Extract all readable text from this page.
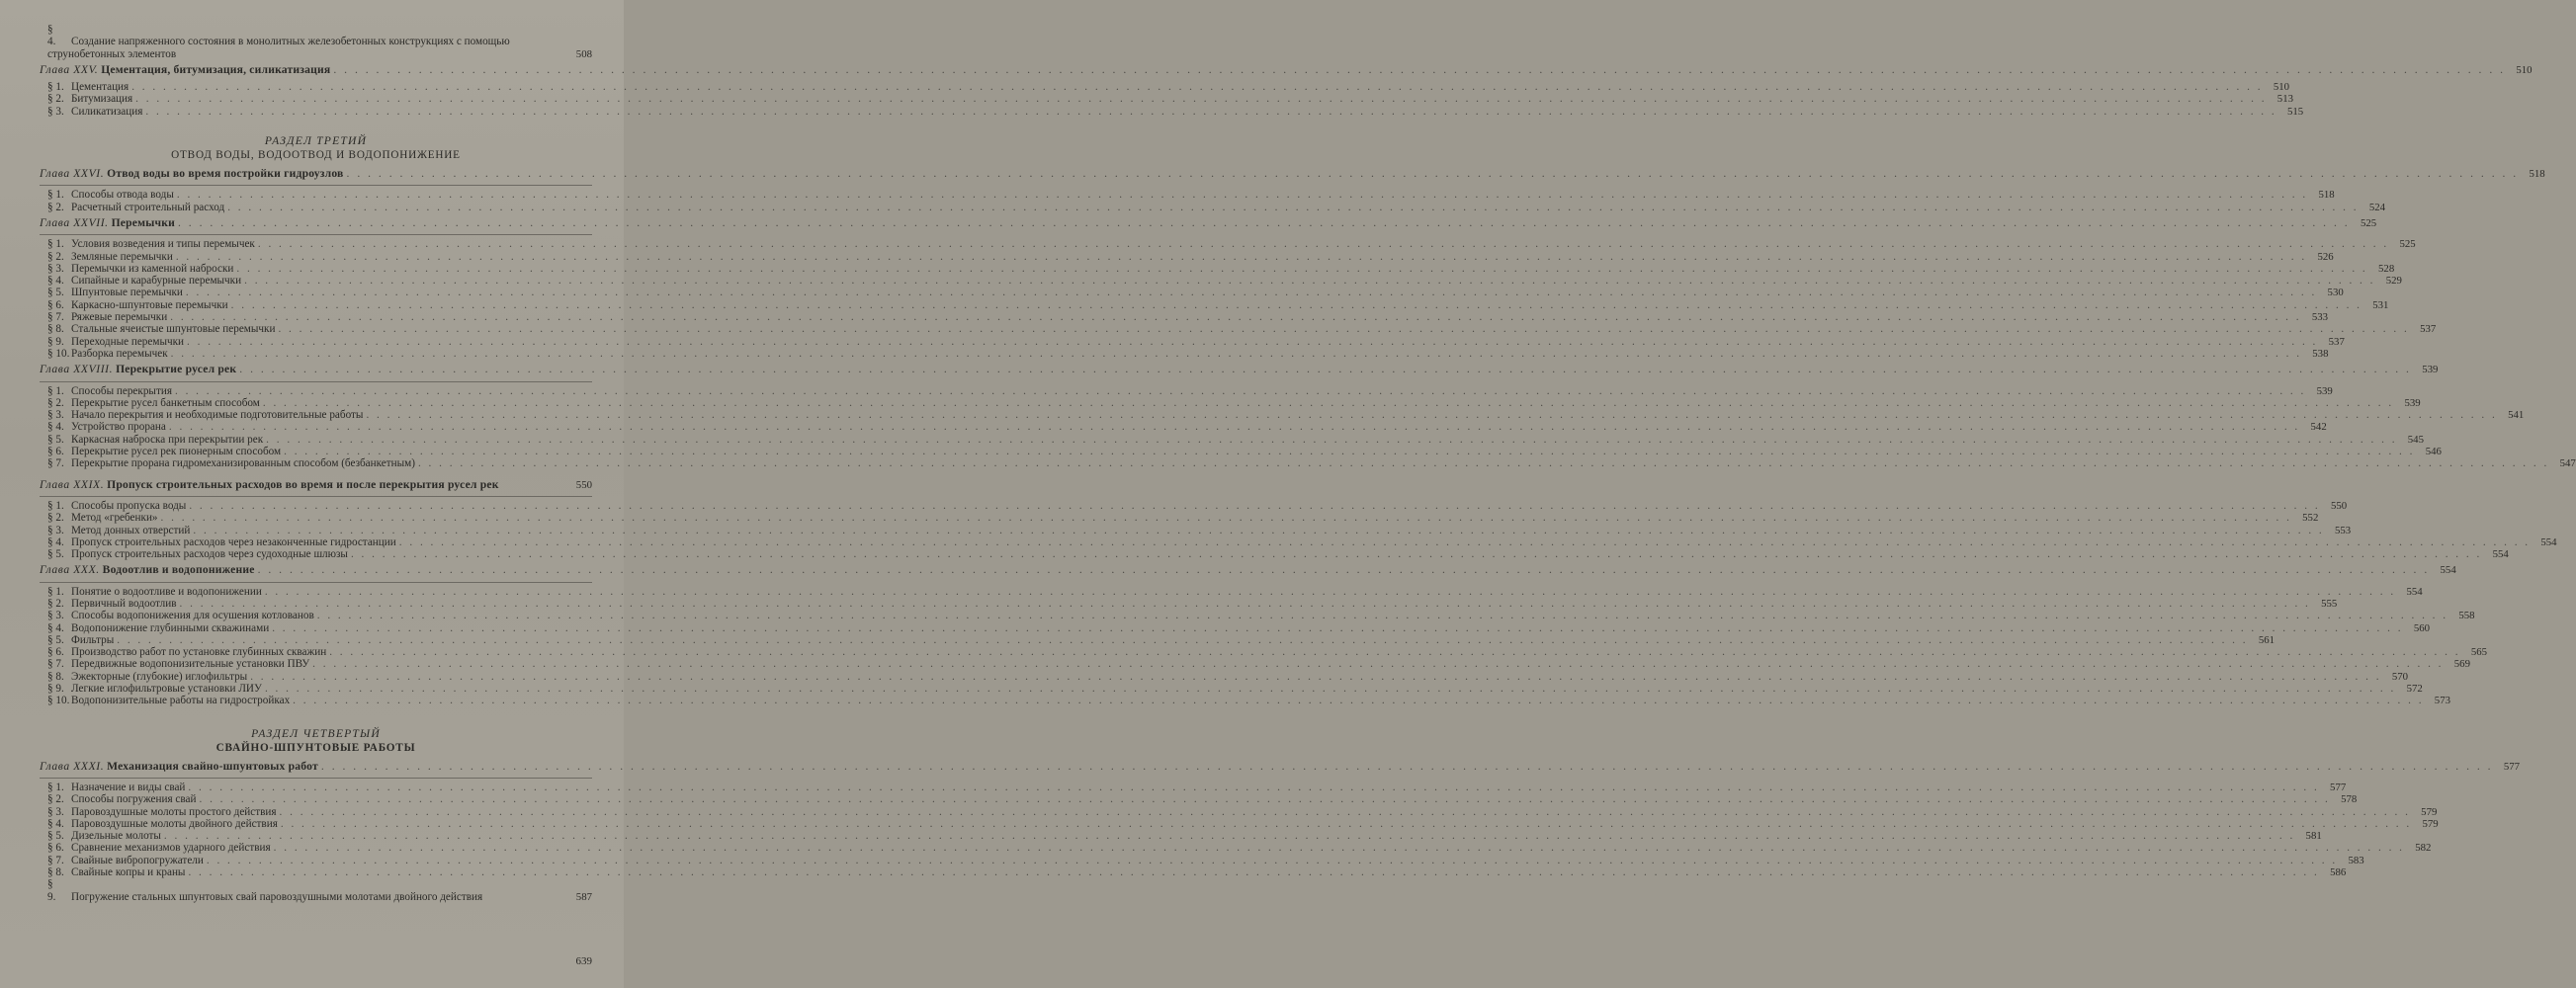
§ 4. Создание напряженного состояния в монолитных железобетонных конструкциях с помощью струнобетонных элементов	508
Глава XXV. Цементация, битумизация, силикатизация . . .	510
§ 1. Цементация . . .	510
§ 2. Битумизация . . .	513
§ 3. Силикатизация . . .	515
РАЗДЕЛ ТРЕТИЙ
ОТВОД ВОДЫ, ВОДООТВОД И ВОДОПОНИЖЕНИЕ
Глава XXVI. Отвод воды во время постройки гидроузлов . . .	518
§ 1. Способы отвода воды . . .	518
§ 2. Расчетный строительный расход . . .	524
Глава XXVII. Перемычки . . .	525
§ 1. Условия возведения и типы перемычек . . .	525
§ 2. Земляные перемычки . . .	526
§ 3. Перемычки из каменной наброски . . .	528
§ 4. Сипайные и карабурные перемычки . . .	529
§ 5. Шпунтовые перемычки . . .	530
§ 6. Каркасно-шпунтовые перемычки . . .	531
§ 7. Ряжевые перемычки . . .	533
§ 8. Стальные ячеистые шпунтовые перемычки . . .	537
§ 9. Переходные перемычки . . .	537
§ 10. Разборка перемычек . . .	538
Глава XXVIII. Перекрытие русел рек . . .	539
§ 1. Способы перекрытия . . .	539
§ 2. Перекрытие русел банкетным способом . . .	539
§ 3. Начало перекрытия и необходимые подготовительные работы . . .	541
§ 4. Устройство прорана . . .	542
§ 5. Каркасная наброска при перекрытии рек . . .	545
§ 6. Перекрытие русел рек пионерным способом . . .	546
§ 7. Перекрытие прорана гидромеханизированным способом (безбанкетным) . . .	547
Глава XXIX. Пропуск строительных расходов во время и после перекрытия русел рек	550
§ 1. Способы пропуска воды . . .	550
§ 2. Метод «гребенки» . . .	552
§ 3. Метод донных отверстий . . .	553
§ 4. Пропуск строительных расходов через незаконченные гидростанции . . .	554
§ 5. Пропуск строительных расходов через судоходные шлюзы . . .	554
Глава XXX. Водоотлив и водопонижение . . .	554
§ 1. Понятие о водоотливе и водопонижении . . .	554
§ 2. Первичный водоотлив . . .	555
§ 3. Способы водопонижения для осушения котлованов . . .	558
§ 4. Водопонижение глубинными скважинами . . .	560
§ 5. Фильтры . . .	561
§ 6. Производство работ по установке глубинных скважин . . .	565
§ 7. Передвижные водопонизительные установки ПВУ . . .	569
§ 8. Эжекторные (глубокие) иглофильтры . . .	570
§ 9. Легкие иглофильтровые установки ЛИУ . . .	572
§ 10. Водопонизительные работы на гидростройках . . .	573
РАЗДЕЛ ЧЕТВЕРТЫЙ
СВАЙНО-ШПУНТОВЫЕ РАБОТЫ
Глава XXXI. Механизация свайно-шпунтовых работ . . .	577
§ 1. Назначение и виды свай . . .	577
§ 2. Способы погружения свай . . .	578
§ 3. Паровоздушные молоты простого действия . . .	579
§ 4. Паровоздушные молоты двойного действия . . .	579
§ 5. Дизельные молоты . . .	581
§ 6. Сравнение механизмов ударного действия . . .	582
§ 7. Свайные вибропогружатели . . .	583
§ 8. Свайные копры и краны . . .	586
§ 9. Погружение стальных шпунтовых свай паровоздушными молотами двойного действия	587
639
